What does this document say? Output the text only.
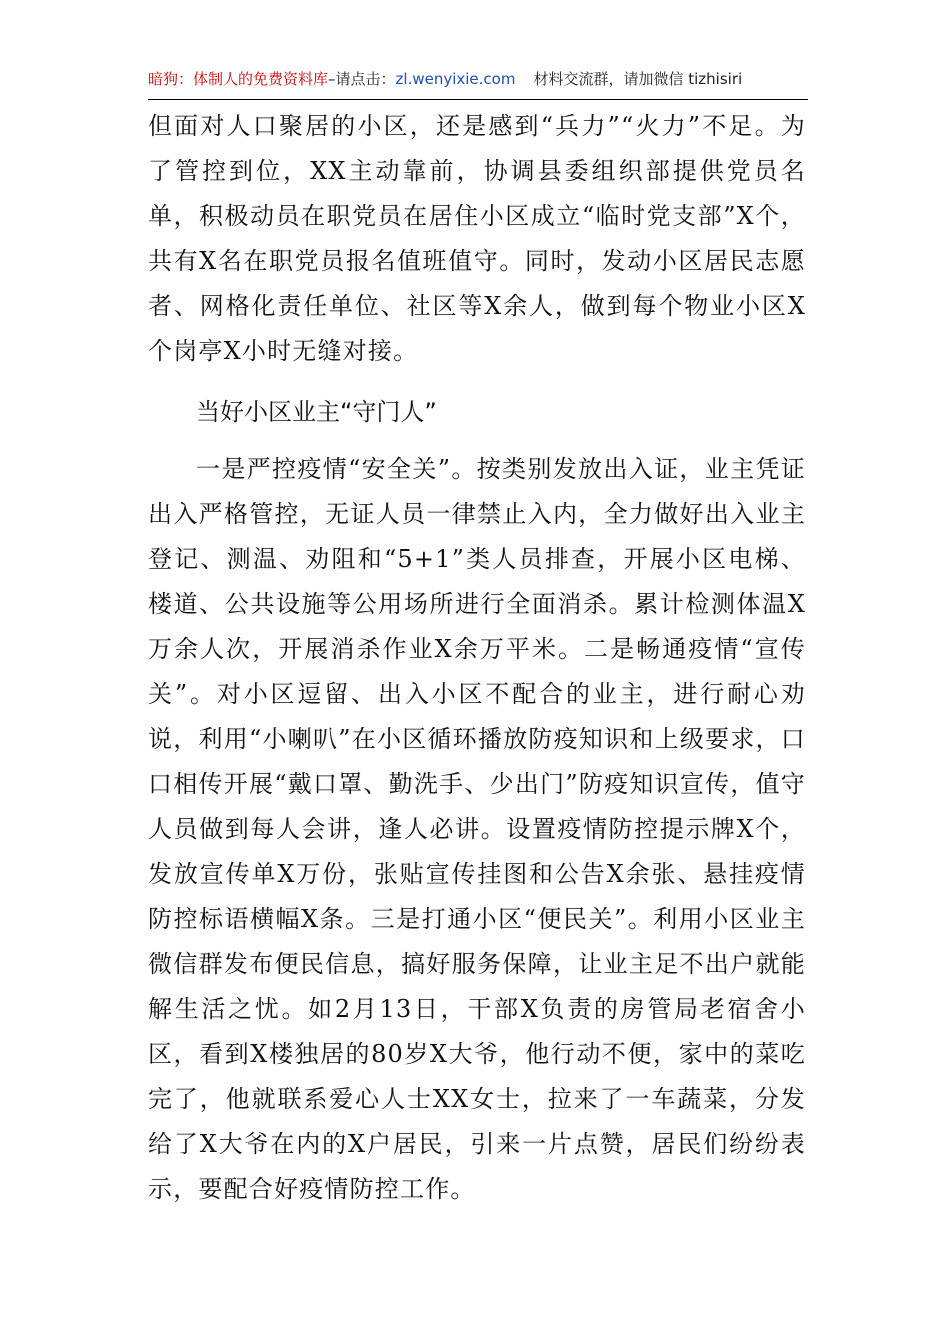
暗狗：体制人的免费资料库–请点击：zl.wenyixie.com 材料交流群，请加微信 tizhisiri

但面对人口聚居的小区，还是感到“兵力”“火力”不足。为了管控到位，XX主动靠前，协调县委组织部提供党员名单，积极动员在职党员在居住小区成立“临时党支部”X个，共有X名在职党员报名值班值守。同时，发动小区居民志愿者、网格化责任单位、社区等X余人，做到每个物业小区X个岗亭X小时无缝对接。

当好小区业主“守门人”

一是严控疫情“安全关”。按类别发放出入证，业主凭证出入严格管控，无证人员一律禁止入内，全力做好出入业主登记、测温、劝阻和“5+1”类人员排查，开展小区电梯、楼道、公共设施等公用场所进行全面消杀。累计检测体温X万余人次，开展消杀作业X余万平米。二是畅通疫情“宣传关”。对小区逗留、出入小区不配合的业主，进行耐心劝说，利用“小喇叭”在小区循环播放防疫知识和上级要求，口口相传开展“戴口罩、勤洗手、少出门”防疫知识宣传，值守人员做到每人会讲，逢人必讲。设置疫情防控提示牌X个，发放宣传单X万份，张贴宣传挂图和公告X余张、悬挂疫情防控标语横幅X条。三是打通小区“便民关”。利用小区业主微信群发布便民信息，搞好服务保障，让业主足不出户就能解生活之忧。如2月13日，干部X负责的房管局老宿舍小区，看到X楼独居的80岁X大爷，他行动不便，家中的菜吃完了，他就联系爱心人士XX女士，拉来了一车蔬菜，分发给了X大爷在内的X户居民，引来一片点赞，居民们纷纷表示，要配合好疫情防控工作。
